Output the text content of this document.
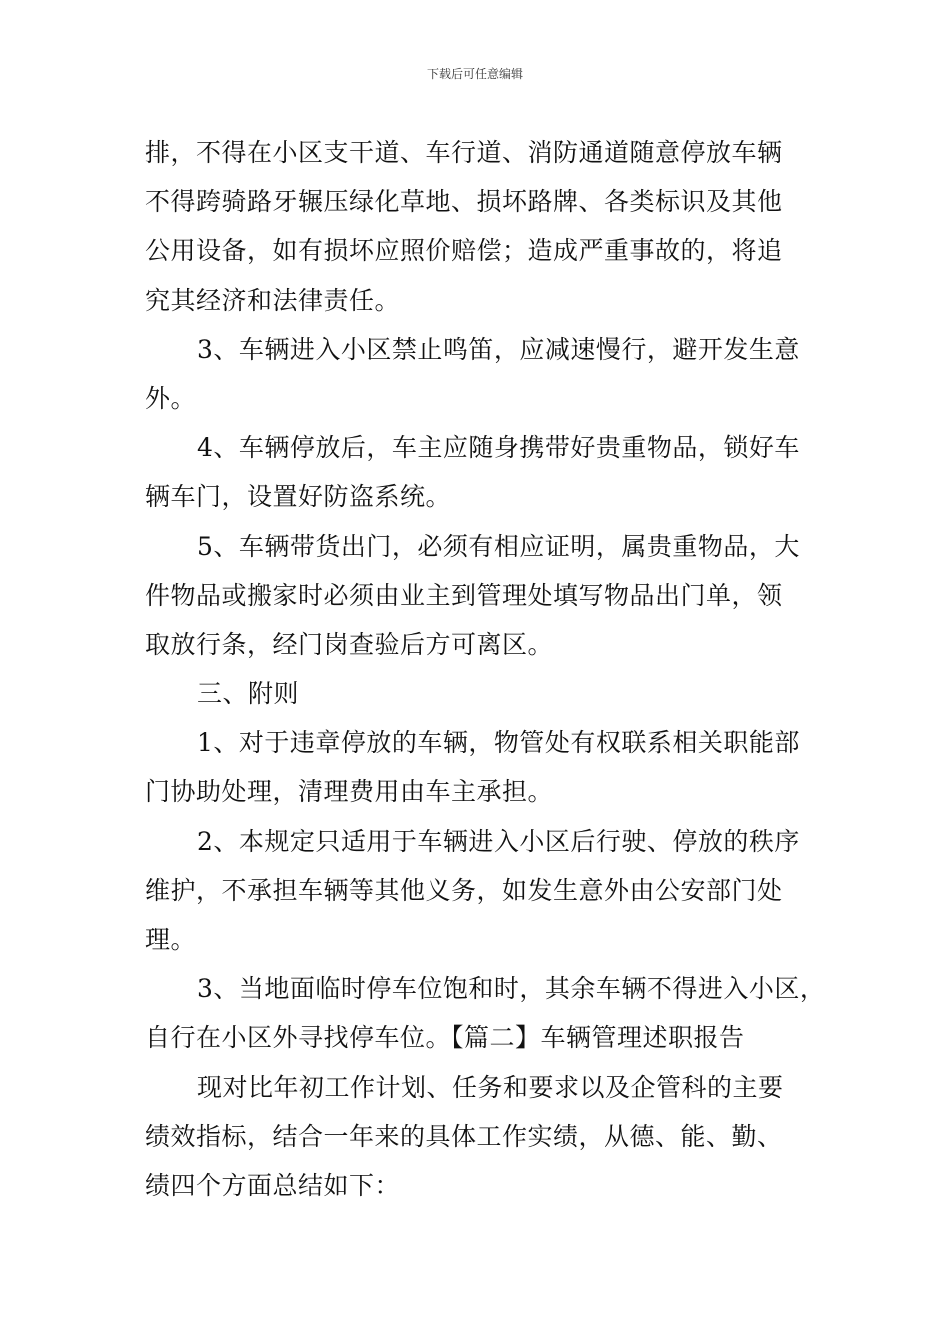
下载后可任意编辑
排，不得在小区支干道、车行道、消防通道随意停放车辆
不得跨骑路牙辗压绿化草地、损坏路牌、各类标识及其他
公用设备，如有损坏应照价赔偿；造成严重事故的，将追
究其经济和法律责任。
3、车辆进入小区禁止鸣笛，应减速慢行，避开发生意
外。
4、车辆停放后，车主应随身携带好贵重物品，锁好车
辆车门，设置好防盗系统。
5、车辆带货出门，必须有相应证明，属贵重物品，大
件物品或搬家时必须由业主到管理处填写物品出门单，领
取放行条，经门岗查验后方可离区。
三、附则
1、对于违章停放的车辆，物管处有权联系相关职能部
门协助处理，清理费用由车主承担。
2、本规定只适用于车辆进入小区后行驶、停放的秩序
维护，不承担车辆等其他义务，如发生意外由公安部门处
理。
3、当地面临时停车位饱和时，其余车辆不得进入小区，
自行在小区外寻找停车位。【篇二】车辆管理述职报告
现对比年初工作计划、任务和要求以及企管科的主要
绩效指标，结合一年来的具体工作实绩，从德、能、勤、
绩四个方面总结如下：
